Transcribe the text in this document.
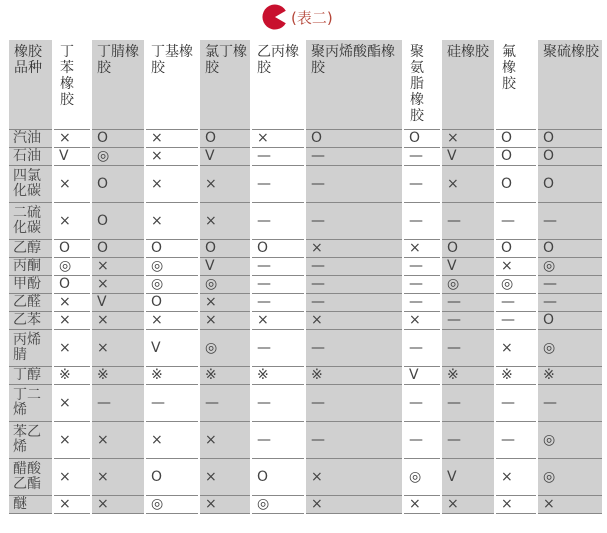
(表二)
橡胶品种	丁苯橡胶	丁腈橡胶	丁基橡胶	氯丁橡胶	乙丙橡胶	聚丙烯酸酯橡胶	聚氨脂橡胶	硅橡胶	氟橡胶	聚硫橡胶

汽油	×	O	×	O	×	O	O	×	O	O
石油	V	◎	×	V	—	—	—	V	O	O
四氯化碳	×	O	×	×	—	—	—	×	O	O
二硫化碳	×	O	×	×	—	—	—	—	—	—
乙醇	O	O	O	O	O	×	×	O	O	O
丙酮	◎	×	◎	V	—	—	—	V	×	◎
甲酚	O	×	◎	◎	—	—	—	◎	◎	—
乙醛	×	V	O	×	—	—	—	—	—	—
乙苯	×	×	×	×	×	×	×	—	—	O
丙烯腈	×	×	V	◎	—	—	—	—	×	◎
丁醇	※	※	※	※	※	※	V	※	※	※
丁二烯	×	—	—	—	—	—	—	—	—	—
苯乙烯	×	×	×	×	—	—	—	—	—	◎
醋酸乙酯	×	×	O	×	O	×	◎	V	×	◎
醚	×	×	◎	×	◎	×	×	×	×	×
